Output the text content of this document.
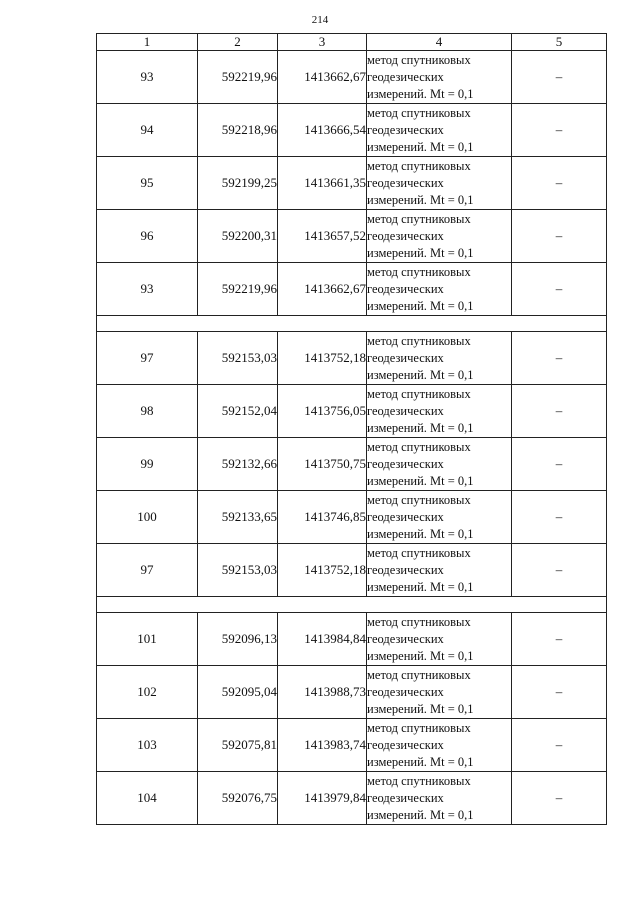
214
1	2	3	4	5
93	592219,96	1413662,67	метод спутниковых
геодезических
измерений. Mt = 0,1	–
94	592218,96	1413666,54	метод спутниковых
геодезических
измерений. Mt = 0,1	–
95	592199,25	1413661,35	метод спутниковых
геодезических
измерений. Mt = 0,1	–
96	592200,31	1413657,52	метод спутниковых
геодезических
измерений. Mt = 0,1	–
93	592219,96	1413662,67	метод спутниковых
геодезических
измерений. Mt = 0,1	–

97	592153,03	1413752,18	метод спутниковых
геодезических
измерений. Mt = 0,1	–
98	592152,04	1413756,05	метод спутниковых
геодезических
измерений. Mt = 0,1	–
99	592132,66	1413750,75	метод спутниковых
геодезических
измерений. Mt = 0,1	–
100	592133,65	1413746,85	метод спутниковых
геодезических
измерений. Mt = 0,1	–
97	592153,03	1413752,18	метод спутниковых
геодезических
измерений. Mt = 0,1	–

101	592096,13	1413984,84	метод спутниковых
геодезических
измерений. Mt = 0,1	–
102	592095,04	1413988,73	метод спутниковых
геодезических
измерений. Mt = 0,1	–
103	592075,81	1413983,74	метод спутниковых
геодезических
измерений. Mt = 0,1	–
104	592076,75	1413979,84	метод спутниковых
геодезических
измерений. Mt = 0,1	–
